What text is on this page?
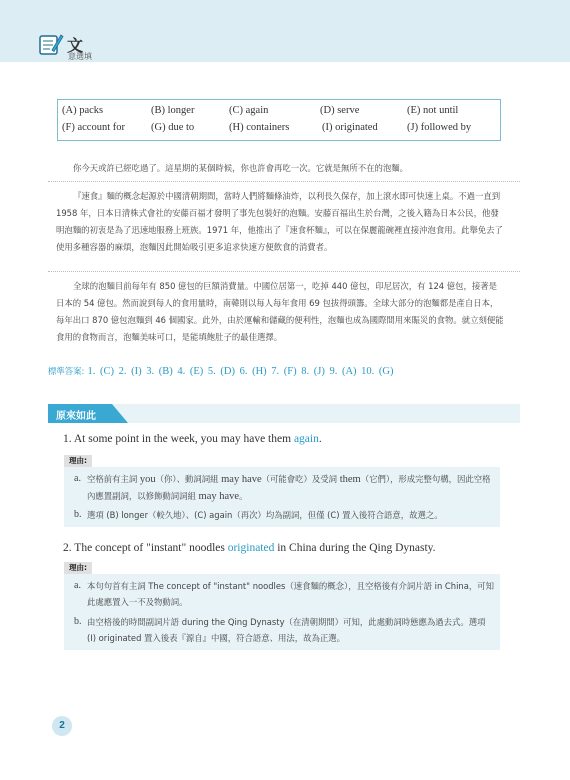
文
意選填
(A) packs	(B) longer	(C) again	(D) serve	(E) not until
(F) account for (G) due to	(H) containers	(I) originated	(J) followed by
你今天或許已經吃過了。這星期的某個時候，你也許會再吃一次。它就是無所不在的泡麵。
『速食』麵的概念起源於中國清朝期間，當時人們將麵條油炸，以利長久保存，加上滾水即可快速上桌。不過一直到 1958 年，日本日清株式會社的安藤百福才發明了事先包裝好的泡麵。安藤百福出生於台灣，之後入籍為日本公民，他發明泡麵的初衷是為了迅速地服務上班族。1971 年，他推出了『速食杯麵』，可以在保麗龍碗裡直接沖泡食用。此舉免去了使用多種容器的麻煩，泡麵因此開始吸引更多追求快速方便飲食的消費者。
全球的泡麵目前每年有 850 億包的巨額消費量。中國位居第一，吃掉 440 億包，印尼居次，有 124 億包，接著是日本的 54 億包。然而說到每人的食用量時，南韓則以每人每年食用 69 包拔得頭籌。全球大部分的泡麵都是產自日本，每年出口 870 億包泡麵到 46 個國家。此外，由於運輸和儲藏的便利性，泡麵也成為國際間用來賑災的食物。就立刻便能食用的食物而言，泡麵美味可口，是能填飽肚子的最佳選擇。
標準答案: 1. (C) 2. (I) 3. (B) 4. (E) 5. (D) 6. (H) 7. (F) 8. (J) 9. (A) 10. (G)
原來如此
1. At some point in the week, you may have them again.
理由:
a. 空格前有主詞 you（你）、動詞詞組 may have（可能會吃）及受詞 them（它們），形成完整句構，因此空格內應置副詞，以修飾動詞詞組 may have。
b. 選項 (B) longer（較久地）、(C) again（再次）均為副詞，但僅 (C) 置入後符合語意，故選之。
2. The concept of "instant" noodles originated in China during the Qing Dynasty.
理由:
a. 本句句首有主詞 The concept of "instant" noodles（速食麵的概念），且空格後有介詞片語 in China，可知此處應置入一不及物動詞。
b. 由空格後的時間副詞片語 during the Qing Dynasty（在清朝期間）可知，此處動詞時態應為過去式。選項 (I) originated 置入後表『源自』中國，符合語意、用法，故為正選。
2
